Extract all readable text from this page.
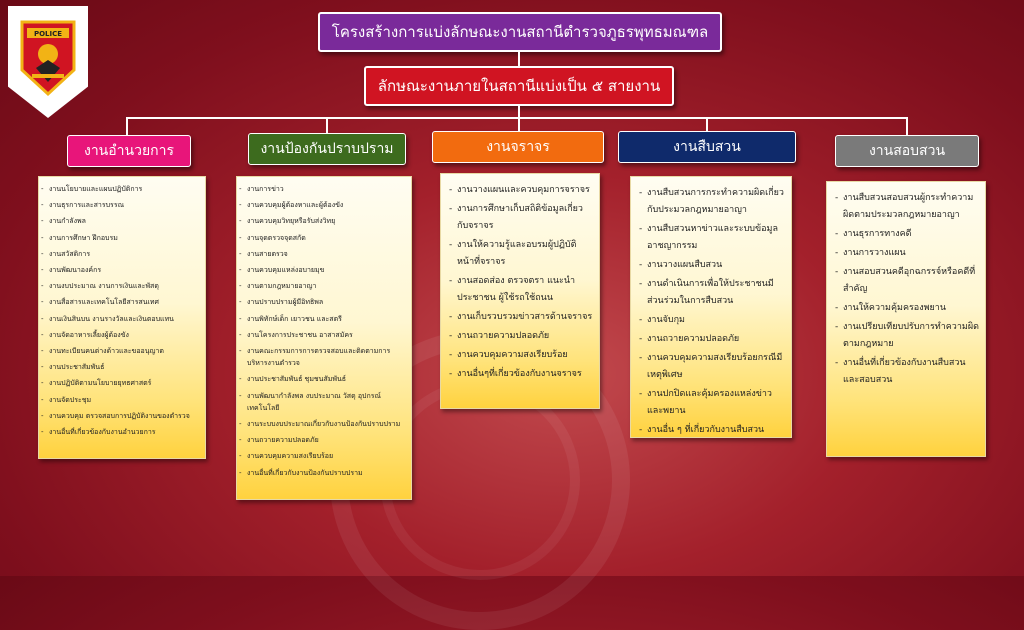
POLICE	โครงสร้างการแบ่งลักษณะงานสถานีตำรวจภูธรพุทธมณฑล
ลักษณะงานภายในสถานีแบ่งเป็น ๕ สายงาน
งานอำนวยการ	งานป้องกันปราบปราม	งานจราจร	งานสืบสวน	งานสอบสวน
- งานนโยบายและแผนปฏิบัติการ
- งานธุรการและสารบรรณ
- งานกำลังพล
- งานการศึกษา ฝึกอบรม
- งานสวัสดิการ
- งานพัฒนาองค์กร
- งานงบประมาณ งานการเงินและพัสดุ
- งานสื่อสารและเทคโนโลยีสารสนเทศ
- งานเงินสินบน งานรางวัลและเงินตอบแทน
- งานจัดอาหารเลี้ยงผู้ต้องขัง
- งานทะเบียนคนต่างด้าวและขออนุญาต
- งานประชาสัมพันธ์
- งานปฏิบัติตามนโยบายยุทธศาสตร์
- งานจัดประชุม
- งานควบคุม ตรวจสอบการปฏิบัติงานของตำรวจ
- งานอื่นที่เกี่ยวข้องกับงานอำนวยการ
- งานการข่าว
- งานควบคุมผู้ต้องหาและผู้ต้องขัง
- งานควบคุมวิทยุหรือรับส่งวิทยุ
- งานจุดตรวจจุดสกัด
- งานสายตรวจ
- งานควบคุมแหล่งอบายมุข
- งานตามกฎหมายอาญา
- งานปราบปรามผู้มีอิทธิพล
- งานพิทักษ์เด็ก เยาวชน และสตรี
- งานโครงการประชาชน อาสาสมัคร
- งานคณะกรรมการการตรวจสอบและติดตามการบริหารงานตำรวจ
- งานประชาสัมพันธ์ ชุมชนสัมพันธ์
- งานพัฒนากำลังพล งบประมาณ วัสดุ อุปกรณ์ เทคโนโลยี
- งานระบบงบประมาณเกี่ยวกับงานป้องกันปราบปราม
- งานถวายความปลอดภัย
- งานควบคุมความสงเรียบร้อย
- งานอื่นที่เกี่ยวกับงานป้องกันปราบปราม
- งานวางแผนและควบคุมการจราจร
- งานการศึกษาเก็บสถิติข้อมูลเกี่ยวกับจราจร
- งานให้ความรู้และอบรมผู้ปฏิบัติหน้าที่จราจร
- งานสอดส่อง ตรวจตรา แนะนำประชาชน ผู้ใช้รถใช้ถนน
- งานเก็บรวบรวมข่าวสารด้านจราจร
- งานถวายความปลอดภัย
- งานควบคุมความสงเรียบร้อย
- งานอื่นๆที่เกี่ยวข้องกับงานจราจร
- งานสืบสวนการกระทำความผิดเกี่ยวกับประมวลกฎหมายอาญา
- งานสืบสวนหาข่าวและระบบข้อมูลอาชญากรรม
- งานวางแผนสืบสวน
- งานดำเนินการเพื่อให้ประชาชนมีส่วนร่วมในการสืบสวน
- งานจับกุม
- งานถวายความปลอดภัย
- งานควบคุมความสงเรียบร้อยกรณีมีเหตุพิเศษ
- งานปกปิดและคุ้มครองแหล่งข่าวและพยาน
- งานอื่น ๆ ที่เกี่ยวกับงานสืบสวน
- งานสืบสวนสอบสวนผู้กระทำความผิดตามประมวลกฎหมายอาญา
- งานธุรการทางคดี
- งานการวางแผน
- งานสอบสวนคดีอุกฉกรรจ์หรือคดีที่สำคัญ
- งานให้ความคุ้มครองพยาน
- งานเปรียบเทียบปรับการทำความผิดตามกฎหมาย
- งานอื่นที่เกี่ยวข้องกับงานสืบสวนและสอบสวน
